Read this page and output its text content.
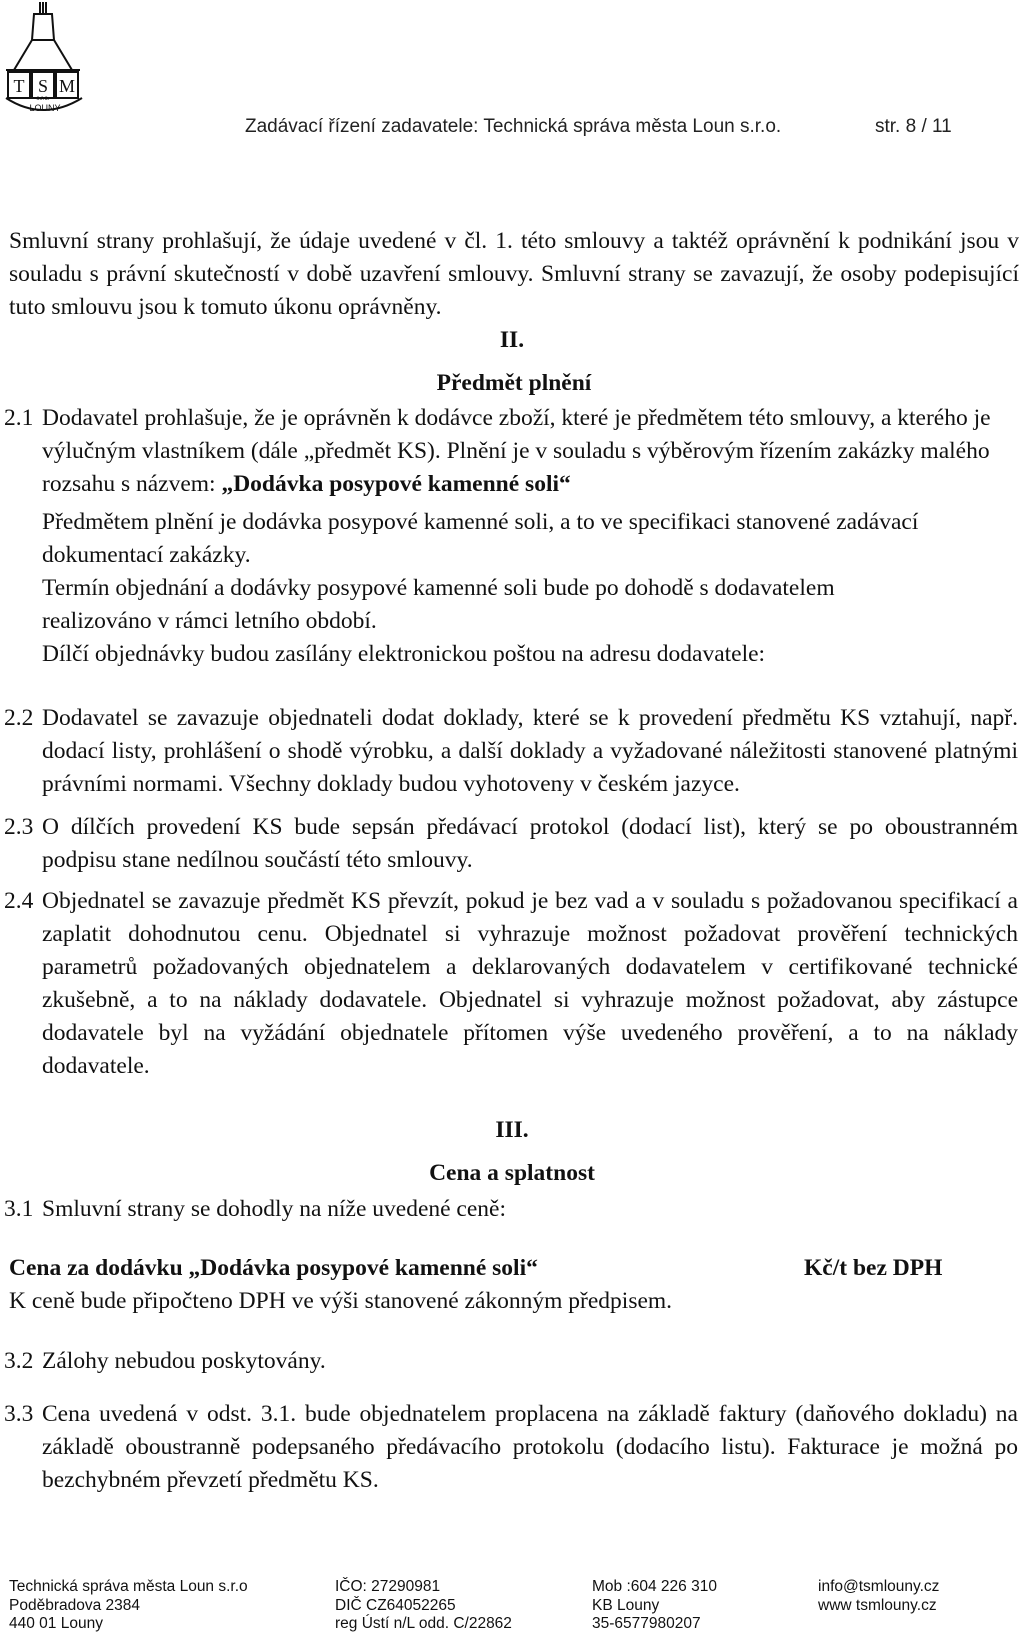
T S M
s.r.o.
LOUNY
Zadávací řízení zadavatele: Technická správa města Loun s.r.o.	str. 8 / 11

Smluvní strany prohlašují, že údaje uvedené v čl. 1. této smlouvy a taktéž oprávnění k podnikání jsou v souladu s právní skutečností v době uzavření smlouvy. Smluvní strany se zavazují, že osoby podepisující tuto smlouvu jsou k tomuto úkonu oprávněny.

II.
Předmět plnění
2.1 Dodavatel prohlašuje, že je oprávněn k dodávce zboží, které je předmětem této smlouvy, a kterého je výlučným vlastníkem (dále „předmět KS). Plnění je v souladu s výběrovým řízením zakázky malého rozsahu s názvem: „Dodávka posypové kamenné soli“

Předmětem plnění je dodávka posypové kamenné soli, a to ve specifikaci stanovené zadávací dokumentací zakázky.

Termín objednání a dodávky posypové kamenné soli bude po dohodě s dodavatelem realizováno v rámci letního období.

Dílčí objednávky budou zasílány elektronickou poštou na adresu dodavatele:

2.2 Dodavatel se zavazuje objednateli dodat doklady, které se k provedení předmětu KS vztahují, např. dodací listy, prohlášení o shodě výrobku, a další doklady a vyžadované náležitosti stanovené platnými právními normami. Všechny doklady budou vyhotoveny v českém jazyce.

2.3 O dílčích provedení KS bude sepsán předávací protokol (dodací list), který se po oboustranném podpisu stane nedílnou součástí této smlouvy.

2.4 Objednatel se zavazuje předmět KS převzít, pokud je bez vad a v souladu s požadovanou specifikací a zaplatit dohodnutou cenu. Objednatel si vyhrazuje možnost požadovat prověření technických parametrů požadovaných objednatelem a deklarovaných dodavatelem v certifikované technické zkušebně, a to na náklady dodavatele. Objednatel si vyhrazuje možnost požadovat, aby zástupce dodavatele byl na vyžádání objednatele přítomen výše uvedeného prověření, a to na náklady dodavatele.

III.
Cena a splatnost
3.1 Smluvní strany se dohodly na níže uvedené ceně:
Cena za dodávku „Dodávka posypové kamenné soli“	Kč/t bez DPH
K ceně bude připočteno DPH ve výši stanovené zákonným předpisem.
3.2 Zálohy nebudou poskytovány.
3.3 Cena uvedená v odst. 3.1. bude objednatelem proplacena na základě faktury (daňového dokladu) na základě oboustranně podepsaného předávacího protokolu (dodacího listu). Fakturace je možná po bezchybném převzetí předmětu KS.

Technická správa města Loun s.r.o
Poděbradova 2384
440 01 Louny
IČO: 27290981
DIČ CZ64052265
reg Ústí n/L odd. C/22862
Mob :604 226 310
KB Louny
35-6577980207
info@tsmlouny.cz
www tsmlouny.cz
